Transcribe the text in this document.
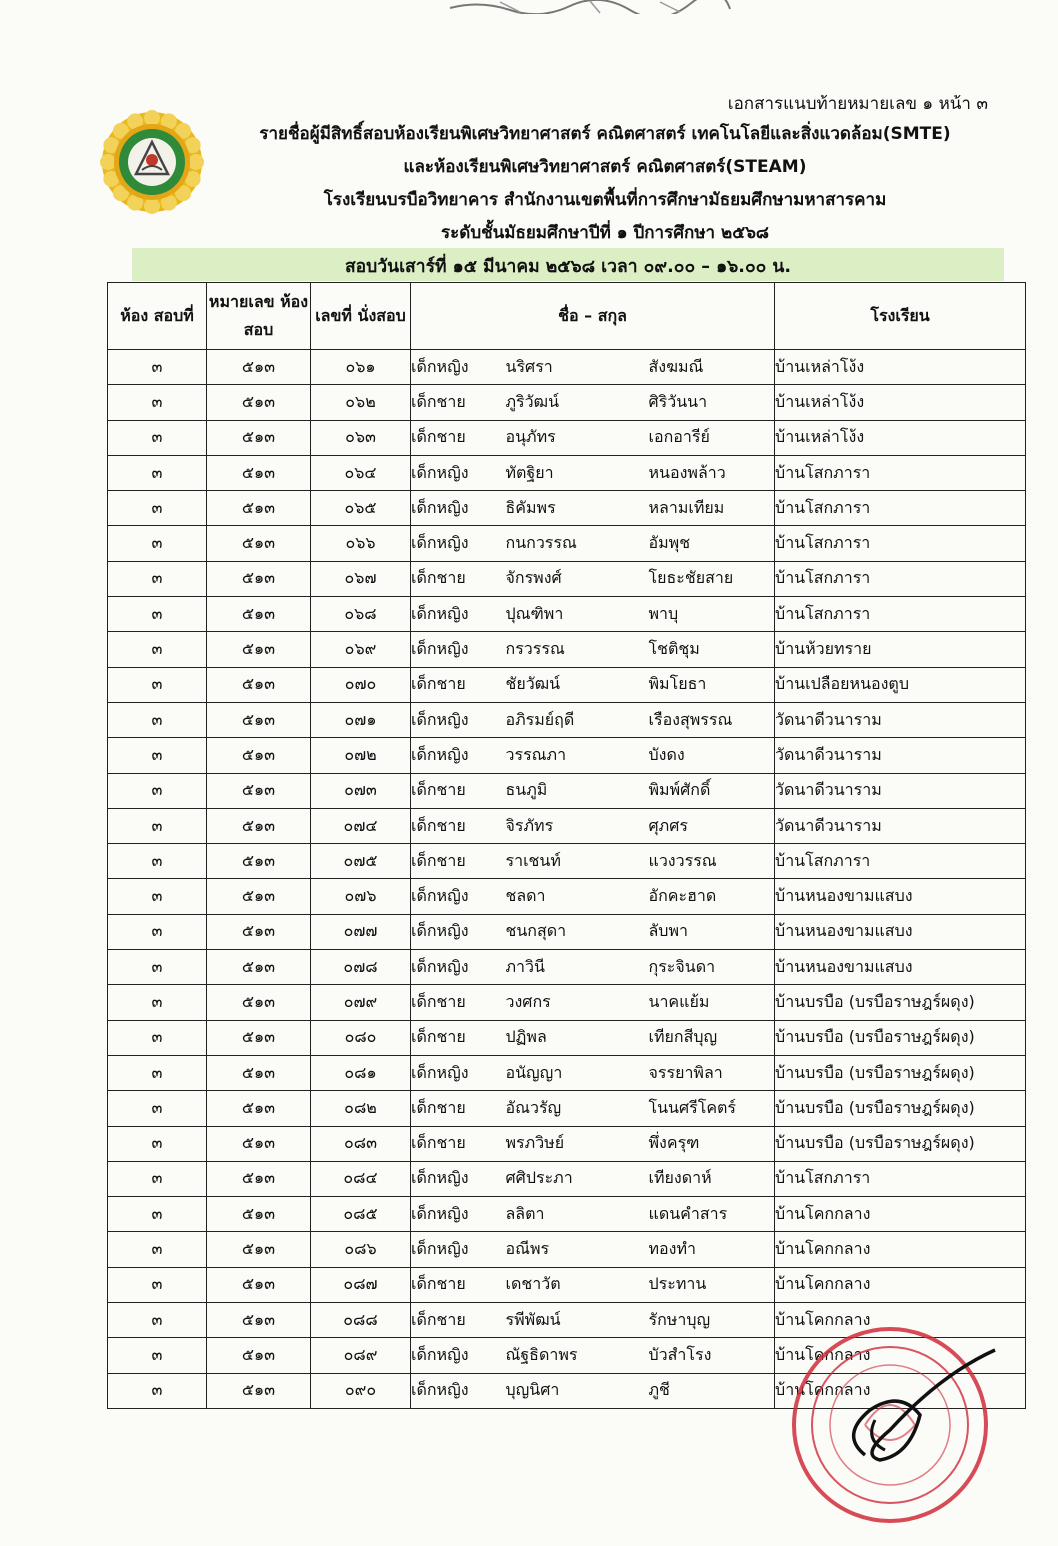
เอกสารแนบท้ายหมายเลข ๑ หน้า ๓
รายชื่อผู้มีสิทธิ์สอบห้องเรียนพิเศษวิทยาศาสตร์ คณิตศาสตร์ เทคโนโลยีและสิ่งแวดล้อม(SMTE)
และห้องเรียนพิเศษวิทยาศาสตร์ คณิตศาสตร์(STEAM)
โรงเรียนบรบือวิทยาคาร สำนักงานเขตพื้นที่การศึกษามัธยมศึกษามหาสารคาม
ระดับชั้นมัธยมศึกษาปีที่ ๑ ปีการศึกษา ๒๕๖๘
สอบวันเสาร์ที่ ๑๕ มีนาคม ๒๕๖๘ เวลา ๐๙.๐๐ – ๑๖.๐๐ น.
ห้อง สอบที่	หมายเลข ห้องสอบ	เลขที่ นั่งสอบ	ชื่อ – สกุล			โรงเรียน
๓	๕๑๓	๐๖๑	เด็กหญิง	นริศรา	สังฆมณี	บ้านเหล่าโง้ง
๓	๕๑๓	๐๖๒	เด็กชาย	ภูริวัฒน์	ศิริวันนา	บ้านเหล่าโง้ง
๓	๕๑๓	๐๖๓	เด็กชาย	อนุภัทร	เอกอารีย์	บ้านเหล่าโง้ง
๓	๕๑๓	๐๖๔	เด็กหญิง	ทัตฐิยา	หนองพล้าว	บ้านโสกภารา
๓	๕๑๓	๐๖๕	เด็กหญิง	ธิคัมพร	หลามเทียม	บ้านโสกภารา
๓	๕๑๓	๐๖๖	เด็กหญิง	กนกวรรณ	อัมพุช	บ้านโสกภารา
๓	๕๑๓	๐๖๗	เด็กชาย	จักรพงศ์	โยธะชัยสาย	บ้านโสกภารา
๓	๕๑๓	๐๖๘	เด็กหญิง	ปุณฑิพา	พาบุ	บ้านโสกภารา
๓	๕๑๓	๐๖๙	เด็กหญิง	กรวรรณ	โชติชุม	บ้านห้วยทราย
๓	๕๑๓	๐๗๐	เด็กชาย	ชัยวัฒน์	พิมโยธา	บ้านเปลือยหนองตูบ
๓	๕๑๓	๐๗๑	เด็กหญิง	อภิรมย์ฤดี	เรืองสุพรรณ	วัดนาดีวนาราม
๓	๕๑๓	๐๗๒	เด็กหญิง	วรรณภา	บังดง	วัดนาดีวนาราม
๓	๕๑๓	๐๗๓	เด็กชาย	ธนภูมิ	พิมพ์ศักดิ์	วัดนาดีวนาราม
๓	๕๑๓	๐๗๔	เด็กชาย	จิรภัทร	ศุภศร	วัดนาดีวนาราม
๓	๕๑๓	๐๗๕	เด็กชาย	ราเชนท์	แวงวรรณ	บ้านโสกภารา
๓	๕๑๓	๐๗๖	เด็กหญิง	ชลดา	อักคะฮาด	บ้านหนองขามแสบง
๓	๕๑๓	๐๗๗	เด็กหญิง	ชนกสุดา	ลับพา	บ้านหนองขามแสบง
๓	๕๑๓	๐๗๘	เด็กหญิง	ภาวินี	กุระจินดา	บ้านหนองขามแสบง
๓	๕๑๓	๐๗๙	เด็กชาย	วงศกร	นาคแย้ม	บ้านบรบือ (บรบือราษฎร์ผดุง)
๓	๕๑๓	๐๘๐	เด็กชาย	ปฏิพล	เทียกสีบุญ	บ้านบรบือ (บรบือราษฎร์ผดุง)
๓	๕๑๓	๐๘๑	เด็กหญิง	อนัญญา	จรรยาพิลา	บ้านบรบือ (บรบือราษฎร์ผดุง)
๓	๕๑๓	๐๘๒	เด็กชาย	อัณวรัญ	โนนศรีโคตร์	บ้านบรบือ (บรบือราษฎร์ผดุง)
๓	๕๑๓	๐๘๓	เด็กชาย	พรภวิษย์	พึ่งครุฑ	บ้านบรบือ (บรบือราษฎร์ผดุง)
๓	๕๑๓	๐๘๔	เด็กหญิง	ศศิประภา	เทียงดาห์	บ้านโสกภารา
๓	๕๑๓	๐๘๕	เด็กหญิง	ลลิตา	แดนคำสาร	บ้านโคกกลาง
๓	๕๑๓	๐๘๖	เด็กหญิง	อณีพร	ทองทำ	บ้านโคกกลาง
๓	๕๑๓	๐๘๗	เด็กชาย	เดชาวัต	ประทาน	บ้านโคกกลาง
๓	๕๑๓	๐๘๘	เด็กชาย	รพีพัฒน์	รักษาบุญ	บ้านโคกกลาง
๓	๕๑๓	๐๘๙	เด็กหญิง	ณัฐธิดาพร	บัวสำโรง	บ้านโคกกลาง
๓	๕๑๓	๐๙๐	เด็กหญิง	บุญนิศา	ภูชี	บ้านโคกกลาง
